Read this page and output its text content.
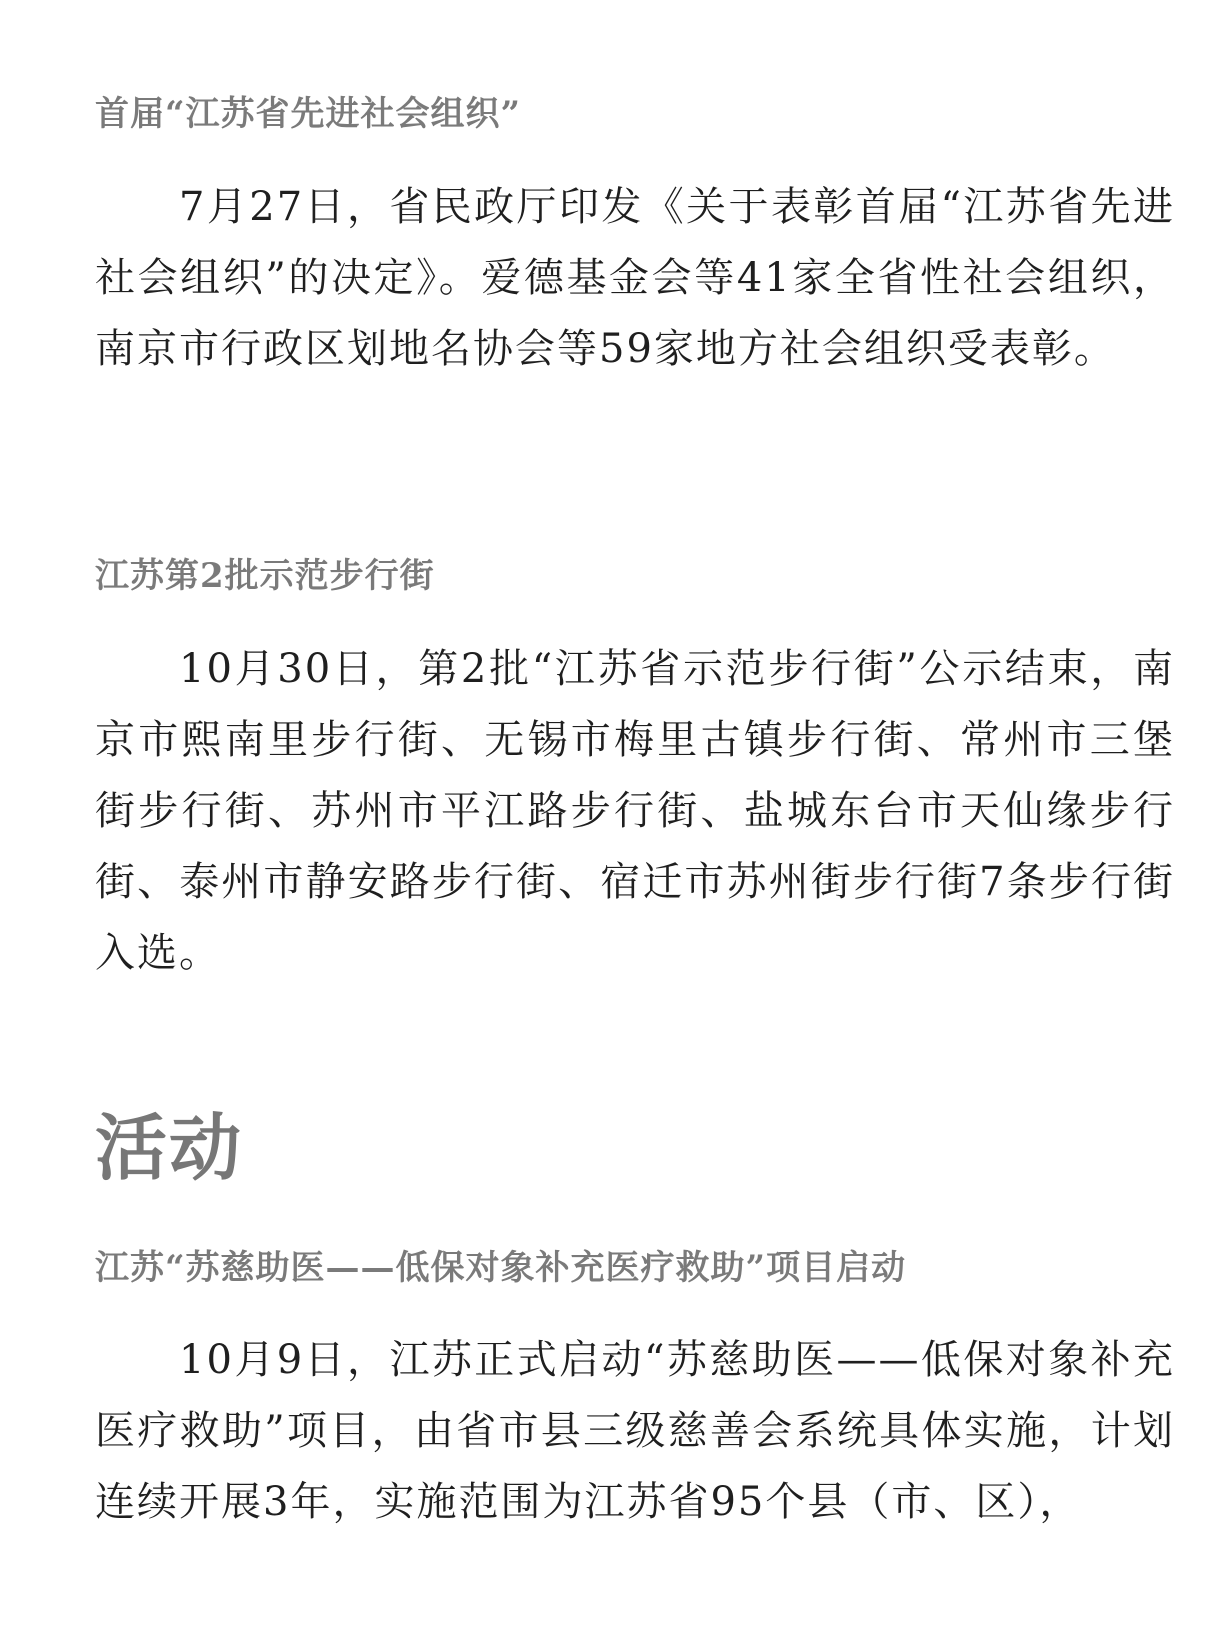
首届“江苏省先进社会组织”

7月27日，省民政厅印发《关于表彰首届“江苏省先进社会组织”的决定》。爱德基金会等41家全省性社会组织，南京市行政区划地名协会等59家地方社会组织受表彰。

江苏第2批示范步行街

10月30日，第2批“江苏省示范步行街”公示结束，南京市熙南里步行街、无锡市梅里古镇步行街、常州市三堡街步行街、苏州市平江路步行街、盐城东台市天仙缘步行街、泰州市静安路步行街、宿迁市苏州街步行街7条步行街入选。

活动
江苏“苏慈助医——低保对象补充医疗救助”项目启动

10月9日，江苏正式启动“苏慈助医——低保对象补充医疗救助”项目，由省市县三级慈善会系统具体实施，计划连续开展3年，实施范围为江苏省95个县（市、区），
